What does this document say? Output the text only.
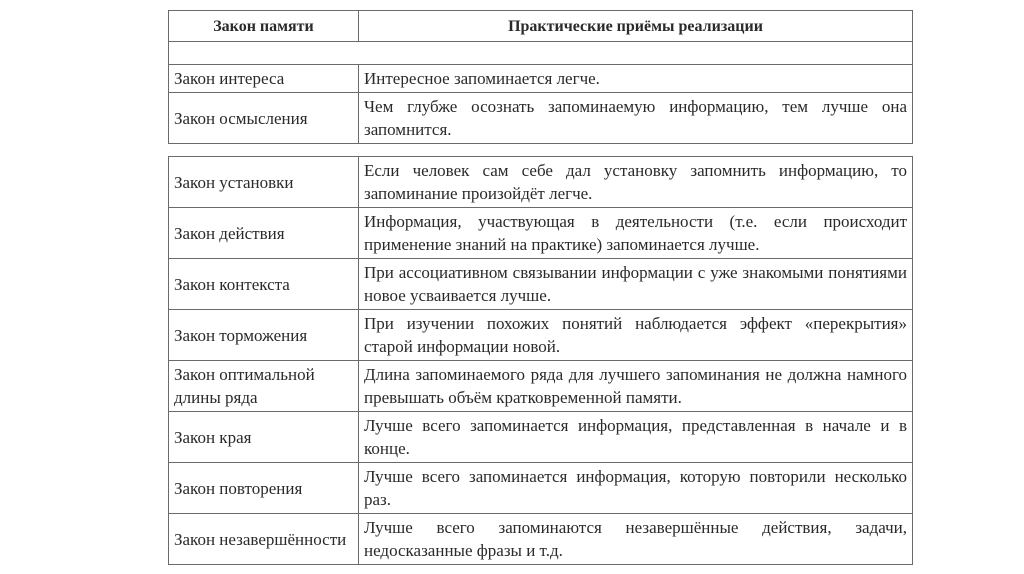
Закон памяти	Практические приёмы реализации

Закон интереса	Интересное запоминается легче.
Закон осмысления	Чем глубже осознать запоминаемую информацию, тем лучше она запомнится.
Закон установки	Если человек сам себе дал установку запомнить информацию, то запоминание произойдёт легче.
Закон действия	Информация, участвующая в деятельности (т.е. если происходит применение знаний на практике) запоминается лучше.
Закон контекста	При ассоциативном связывании информации с уже знакомыми понятиями новое усваивается лучше.
Закон торможения	При изучении похожих понятий наблюдается эффект «перекрытия» старой информации новой.
Закон оптимальной длины ряда	Длина запоминаемого ряда для лучшего запоминания не должна намного превышать объём кратковременной памяти.
Закон края	Лучше всего запоминается информация, представленная в начале и в конце.
Закон повторения	Лучше всего запоминается информация, которую повторили несколько раз.
Закон незавершённости	Лучше всего запоминаются незавершённые действия, задачи, недосказанные фразы и т.д.
